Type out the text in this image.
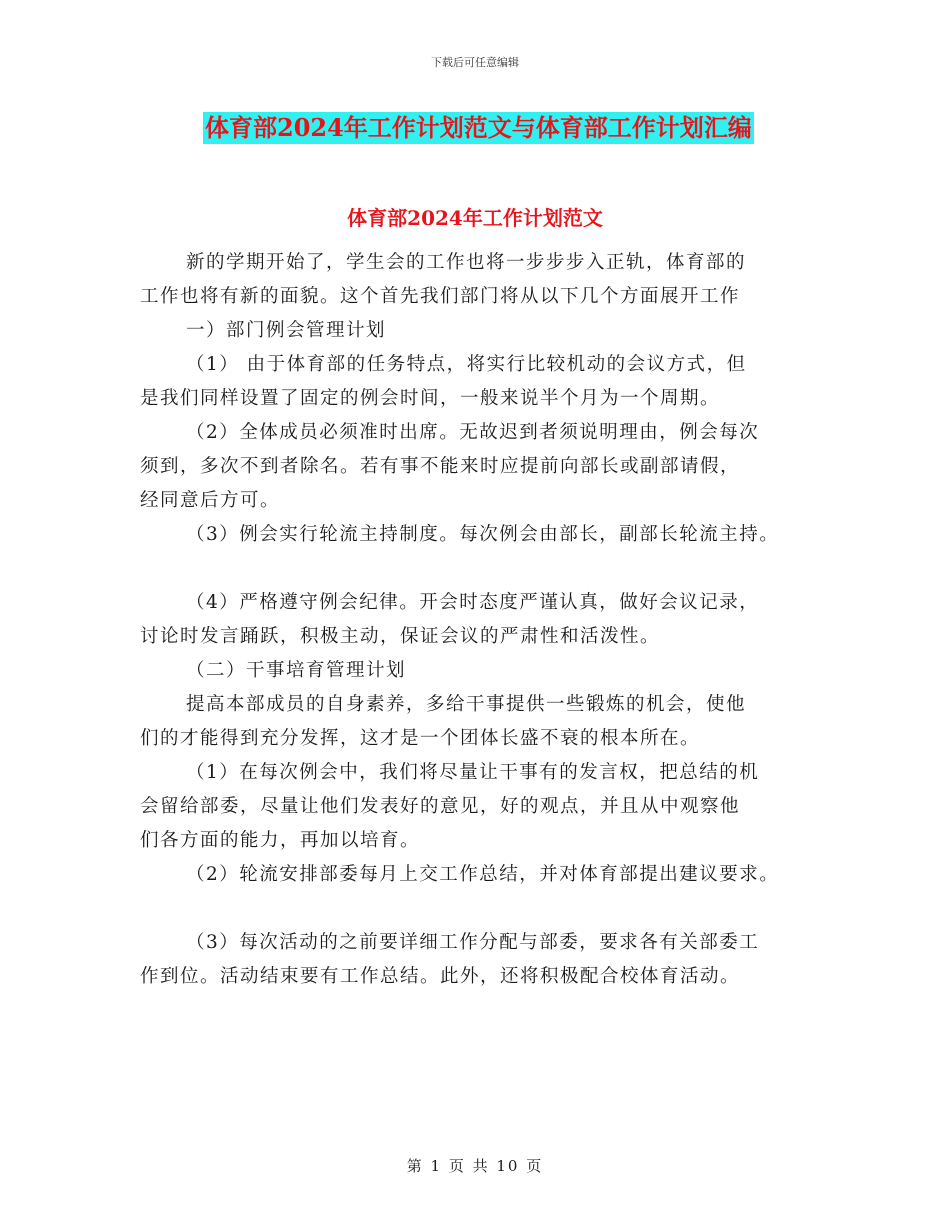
下载后可任意编辑
体育部2024年工作计划范文与体育部工作计划汇编
体育部2024年工作计划范文
新的学期开始了，学生会的工作也将一步步步入正轨，体育部的
工作也将有新的面貌。这个首先我们部门将从以下几个方面展开工作
一）部门例会管理计划
（1） 由于体育部的任务特点，将实行比较机动的会议方式，但
是我们同样设置了固定的例会时间，一般来说半个月为一个周期。
（2）全体成员必须准时出席。无故迟到者须说明理由，例会每次
须到，多次不到者除名。若有事不能来时应提前向部长或副部请假，
经同意后方可。
（3）例会实行轮流主持制度。每次例会由部长，副部长轮流主持。
（4）严格遵守例会纪律。开会时态度严谨认真，做好会议记录，
讨论时发言踊跃，积极主动，保证会议的严肃性和活泼性。
（二）干事培育管理计划
提高本部成员的自身素养，多给干事提供一些锻炼的机会，使他
们的才能得到充分发挥，这才是一个团体长盛不衰的根本所在。
（1）在每次例会中，我们将尽量让干事有的发言权，把总结的机
会留给部委，尽量让他们发表好的意见，好的观点，并且从中观察他
们各方面的能力，再加以培育。
（2）轮流安排部委每月上交工作总结，并对体育部提出建议要求。
（3）每次活动的之前要详细工作分配与部委，要求各有关部委工
作到位。活动结束要有工作总结。此外，还将积极配合校体育活动。
第 1 页 共 10 页
